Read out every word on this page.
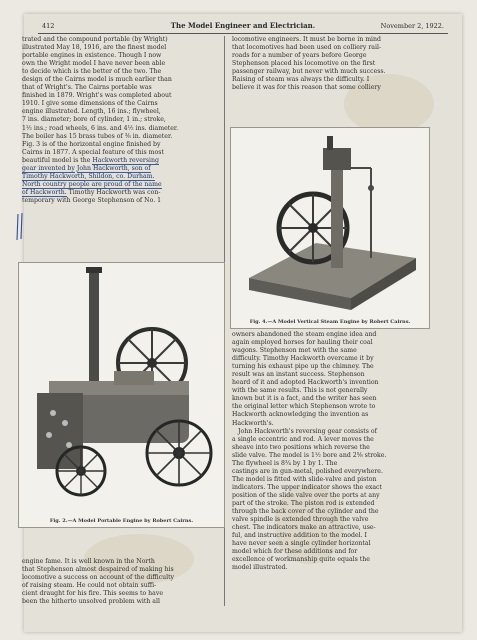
412	The Model Engineer and Electrician.	November 2, 1922.

trated and the compound portable (by Wright)

illustrated May 18, 1916, are the finest model

portable engines in existence. Though I now

own the Wright model I have never been able

to decide which is the better of the two. The

design of the Cairns model is much earlier than

that of Wright's. The Cairns portable was

finished in 1879. Wright's was completed about

1910. I give some dimensions of the Cairns

engine illustrated. Length, 16 ins.; flywheel,

7 ins. diameter; bore of cylinder, 1 in.; stroke,

1½ ins.; road wheels, 6 ins. and 4½ ins. diameter.

The boiler has 15 brass tubes of ⅜ in. diameter.

Fig. 3 is of the horizontal engine finished by

Cairns in 1877. A special feature of this most

beautiful model is the Hackworth reversing

gear invented by John Hackworth, son of

Timothy Hackworth, Shildon, co. Durham.

North country people are proud of the name

of Hackworth. Timothy Hackworth was con-

temporary with George Stephenson of No. 1

Fig. 2.—A Model Portable Engine by Robert Cairns.

engine fame. It is well known in the North

that Stephenson almost despaired of making his

locomotive a success on account of the difficulty

of raising steam. He could not obtain suffi-

cient draught for his fire. This seems to have

been the hitherto unsolved problem with all

locomotive engineers. It must be borne in mind

that locomotives had been used on colliery rail-

roads for a number of years before George

Stephenson placed his locomotive on the first

passenger railway, but never with much success.

Raising of steam was always the difficulty. I

believe it was for this reason that some colliery

Fig. 4.—A Model Vertical Steam Engine by Robert Cairns.

owners abandoned the steam engine idea and

again employed horses for hauling their coal

wagons. Stephenson met with the same

difficulty. Timothy Hackworth overcame it by

turning his exhaust pipe up the chimney. The

result was an instant success. Stephenson

heard of it and adopted Hackworth's invention

with the same results. This is not generally

known but it is a fact, and the writer has seen

the original letter which Stephenson wrote to

Hackworth acknowledging the invention as

Hackworth's.

John Hackworth's reversing gear consists of

a single eccentric and rod. A lever moves the

sheave into two positions which reverse the

slide valve. The model is 1½ bore and 2⅝ stroke.

The flywheel is 8¾ by 1 by 1. The

castings are in gun-metal, polished everywhere.

The model is fitted with slide-valve and piston

indicators. The upper indicator shows the exact

position of the slide valve over the ports at any

part of the stroke. The piston rod is extended

through the back cover of the cylinder and the

valve spindle is extended through the valve

chest. The indicators make an attractive, use-

ful, and instructive addition to the model. I

have never seen a single cylinder horizontal

model which for these additions and for

excellence of workmanship quite equals the

model illustrated.
